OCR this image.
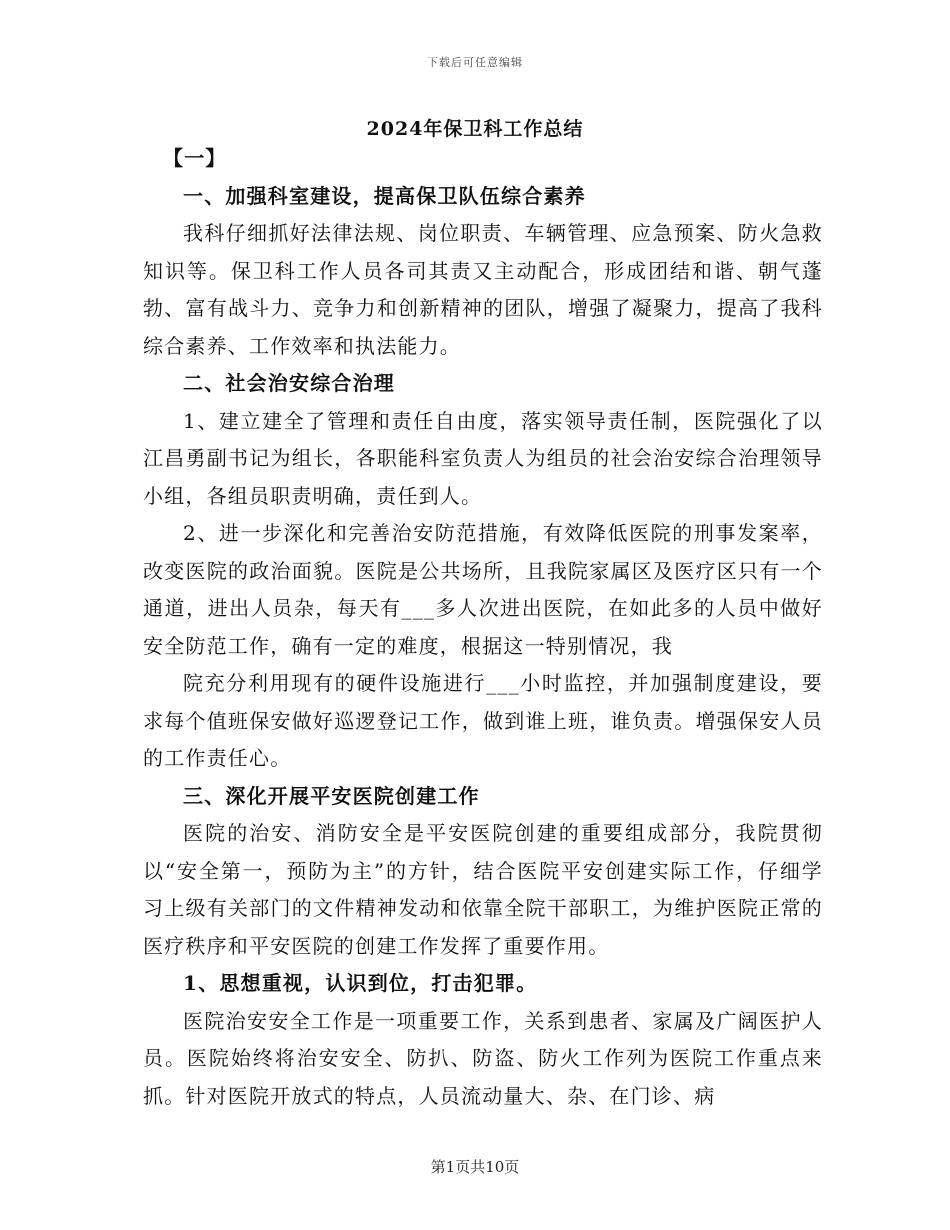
下载后可任意编辑
2024年保卫科工作总结

【一】

一、加强科室建设，提高保卫队伍综合素养

我科仔细抓好法律法规、岗位职责、车辆管理、应急预案、防火急救知识等。保卫科工作人员各司其责又主动配合，形成团结和谐、朝气蓬勃、富有战斗力、竞争力和创新精神的团队，增强了凝聚力，提高了我科综合素养、工作效率和执法能力。

二、社会治安综合治理

1、建立建全了管理和责任自由度，落实领导责任制，医院强化了以江昌勇副书记为组长，各职能科室负责人为组员的社会治安综合治理领导小组，各组员职责明确，责任到人。

2、进一步深化和完善治安防范措施，有效降低医院的刑事发案率，改变医院的政治面貌。医院是公共场所，且我院家属区及医疗区只有一个通道，进出人员杂，每天有___多人次进出医院，在如此多的人员中做好安全防范工作，确有一定的难度，根据这一特别情况，我

院充分利用现有的硬件设施进行___小时监控，并加强制度建设，要求每个值班保安做好巡逻登记工作，做到谁上班，谁负责。增强保安人员的工作责任心。

三、深化开展平安医院创建工作

医院的治安、消防安全是平安医院创建的重要组成部分，我院贯彻以“安全第一，预防为主”的方针，结合医院平安创建实际工作，仔细学习上级有关部门的文件精神发动和依靠全院干部职工，为维护医院正常的医疗秩序和平安医院的创建工作发挥了重要作用。

1、思想重视，认识到位，打击犯罪。

医院治安安全工作是一项重要工作，关系到患者、家属及广阔医护人员。医院始终将治安安全、防扒、防盗、防火工作列为医院工作重点来抓。针对医院开放式的特点，人员流动量大、杂、在门诊、病

第1页共10页
